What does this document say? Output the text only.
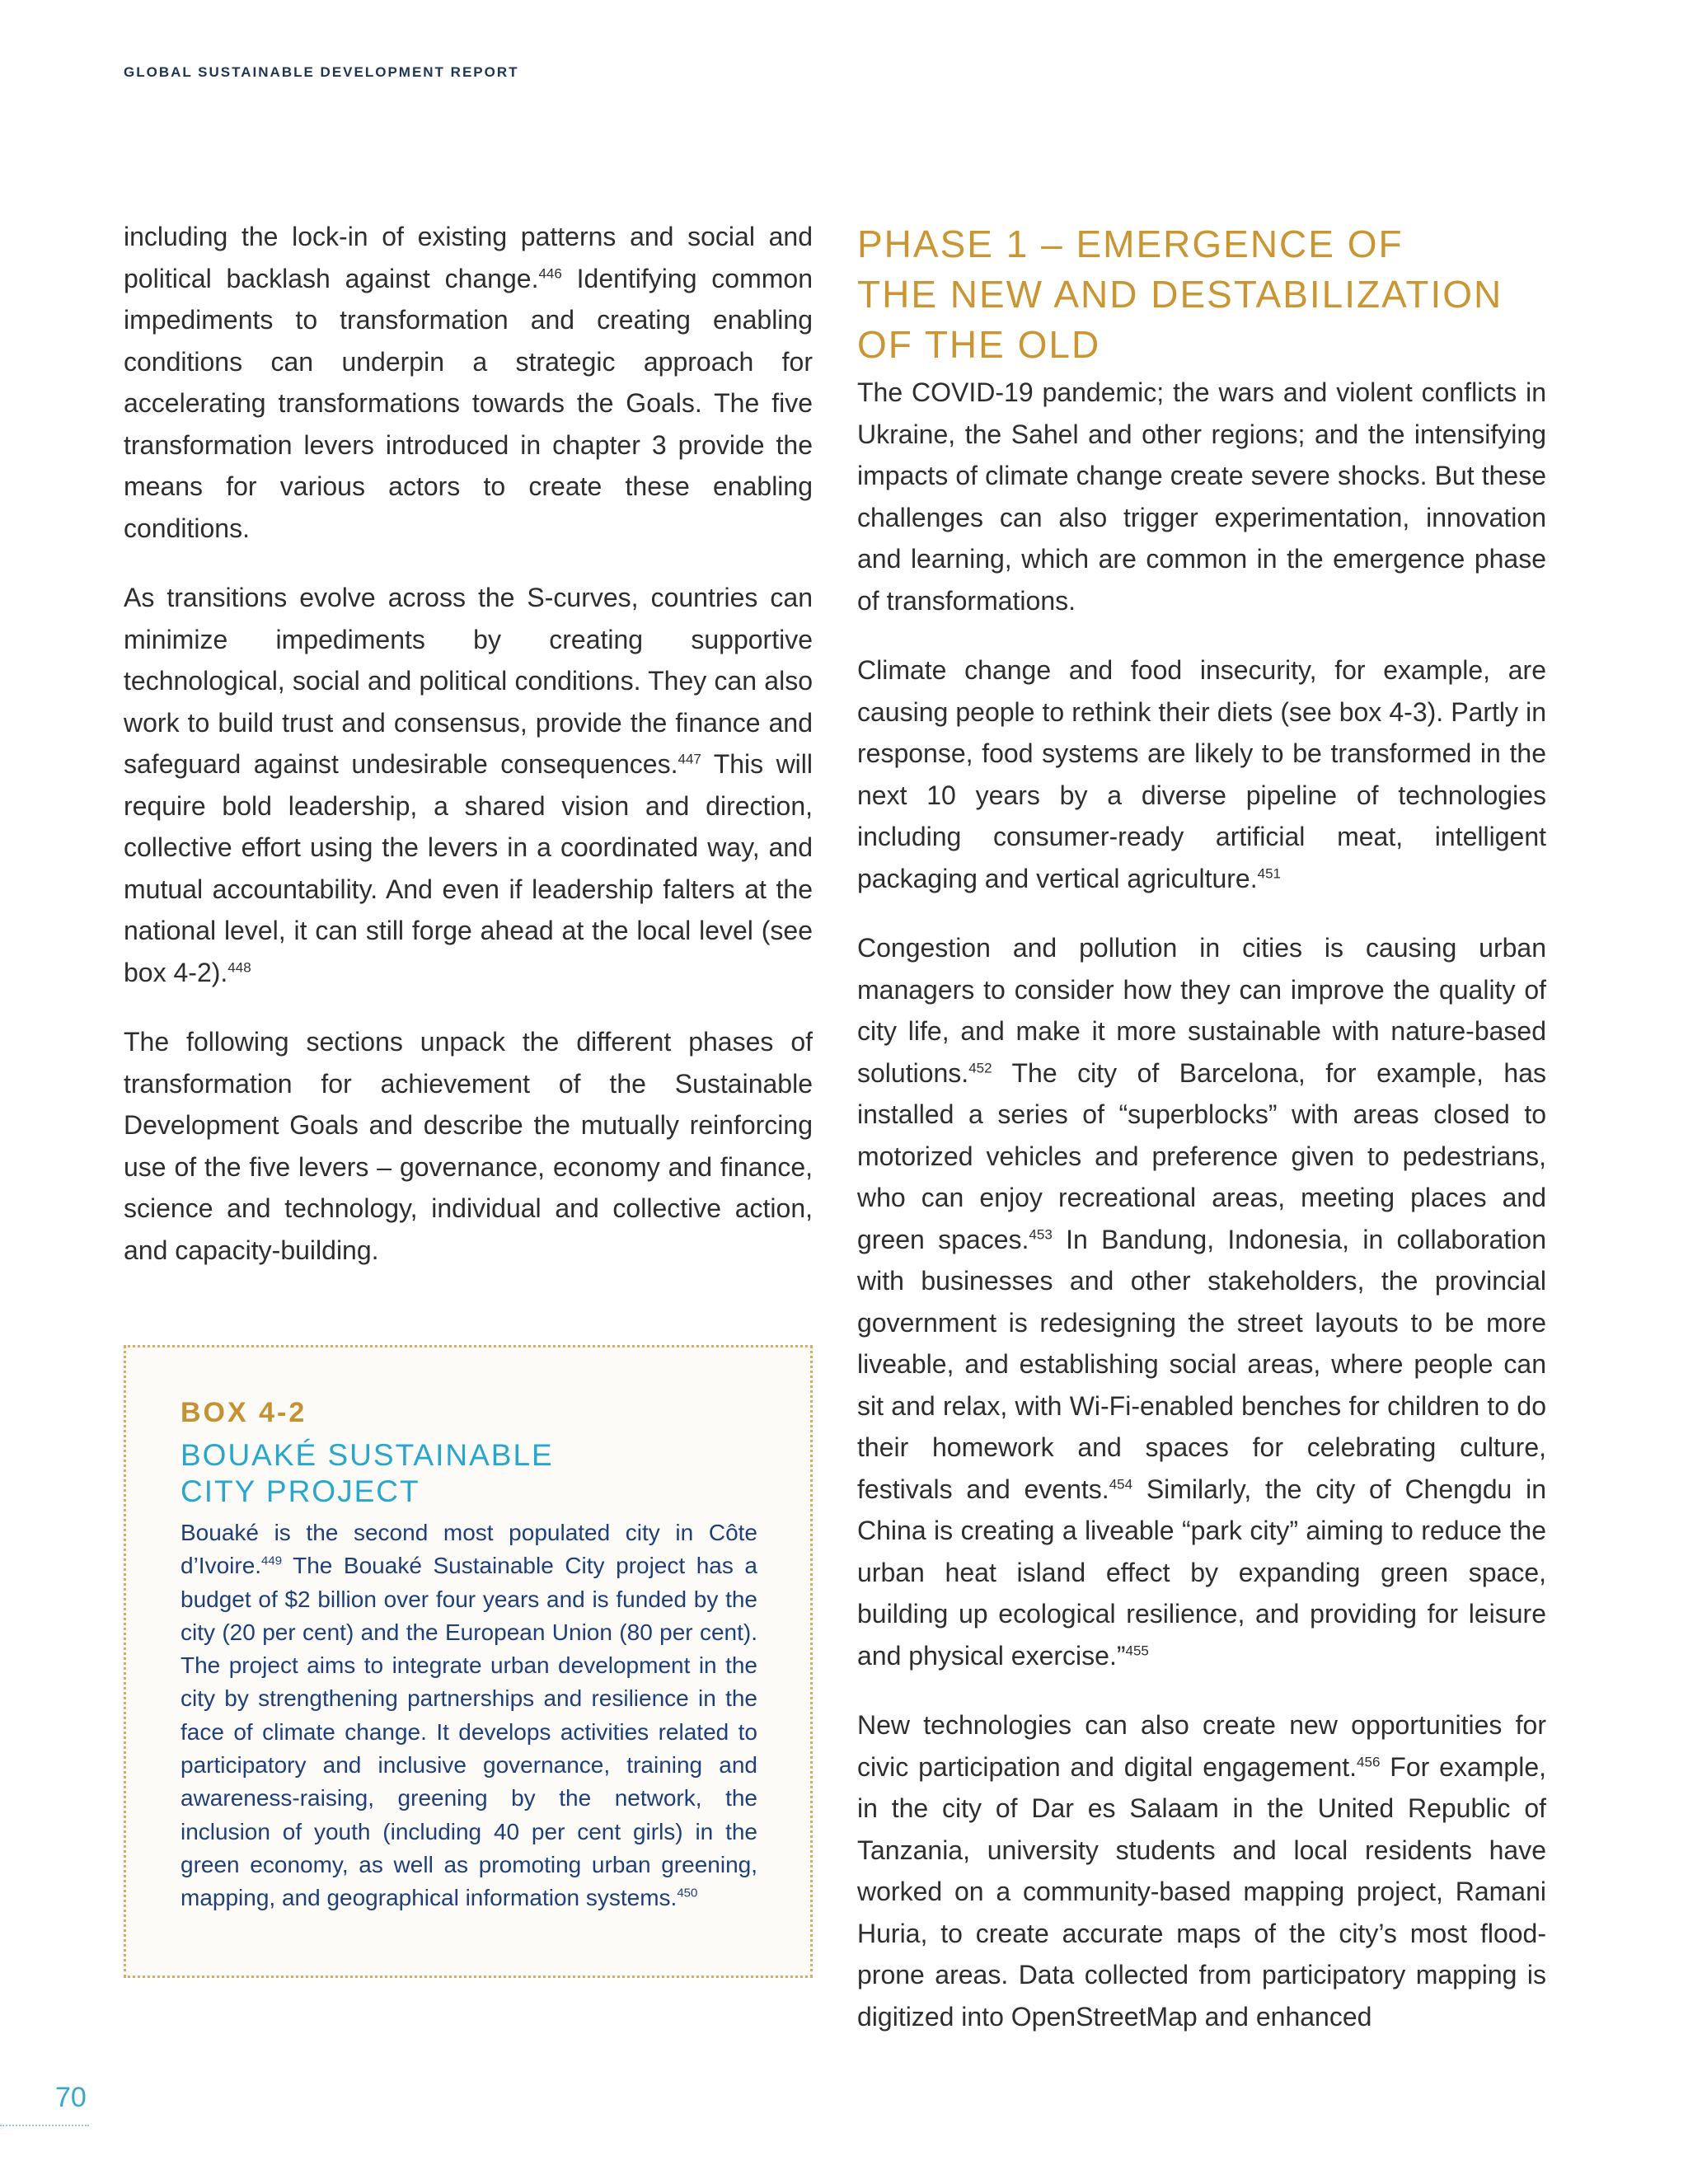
GLOBAL SUSTAINABLE DEVELOPMENT REPORT

including the lock-in of existing patterns and social and political backlash against change.$^{446}$ Identifying common impediments to transformation and creating enabling conditions can underpin a strategic approach for accelerating transformations towards the Goals. The five transformation levers introduced in chapter 3 provide the means for various actors to create these enabling conditions.

As transitions evolve across the S-curves, countries can minimize impediments by creating supportive technological, social and political conditions. They can also work to build trust and consensus, provide the finance and safeguard against undesirable consequences.$^{447}$ This will require bold leadership, a shared vision and direction, collective effort using the levers in a coordinated way, and mutual accountability. And even if leadership falters at the national level, it can still forge ahead at the local level (see box 4-2).$^{448}$

The following sections unpack the different phases of transformation for achievement of the Sustainable Development Goals and describe the mutually reinforcing use of the five levers – governance, economy and finance, science and technology, individual and collective action, and capacity-building.

BOX 4-2
BOUAKÉ SUSTAINABLE
CITY PROJECT

Bouaké is the second most populated city in Côte d’Ivoire.$^{449}$ The Bouaké Sustainable City project has a budget of $2 billion over four years and is funded by the city (20 per cent) and the European Union (80 per cent). The project aims to integrate urban development in the city by strengthening partnerships and resilience in the face of climate change. It develops activities related to participatory and inclusive governance, training and awareness-raising, greening by the network, the inclusion of youth (including 40 per cent girls) in the green economy, as well as promoting urban greening, mapping, and geographical information systems.$^{450}$

PHASE 1 – EMERGENCE OF
THE NEW AND DESTABILIZATION
OF THE OLD

The COVID-19 pandemic; the wars and violent conflicts in Ukraine, the Sahel and other regions; and the intensifying impacts of climate change create severe shocks. But these challenges can also trigger experimentation, innovation and learning, which are common in the emergence phase of transformations.

Climate change and food insecurity, for example, are causing people to rethink their diets (see box 4-3). Partly in response, food systems are likely to be transformed in the next 10 years by a diverse pipeline of technologies including consumer-ready artificial meat, intelligent packaging and vertical agriculture.$^{451}$

Congestion and pollution in cities is causing urban managers to consider how they can improve the quality of city life, and make it more sustainable with nature-based solutions.$^{452}$ The city of Barcelona, for example, has installed a series of “superblocks” with areas closed to motorized vehicles and preference given to pedestrians, who can enjoy recreational areas, meeting places and green spaces.$^{453}$ In Bandung, Indonesia, in collaboration with businesses and other stakeholders, the provincial government is redesigning the street layouts to be more liveable, and establishing social areas, where people can sit and relax, with Wi-Fi-enabled benches for children to do their homework and spaces for celebrating culture, festivals and events.$^{454}$ Similarly, the city of Chengdu in China is creating a liveable “park city” aiming to reduce the urban heat island effect by expanding green space, building up ecological resilience, and providing for leisure and physical exercise.”$^{455}$

New technologies can also create new opportunities for civic participation and digital engagement.$^{456}$ For example, in the city of Dar es Salaam in the United Republic of Tanzania, university students and local residents have worked on a community-based mapping project, Ramani Huria, to create accurate maps of the city’s most flood-prone areas. Data collected from participatory mapping is digitized into OpenStreetMap and enhanced

70
